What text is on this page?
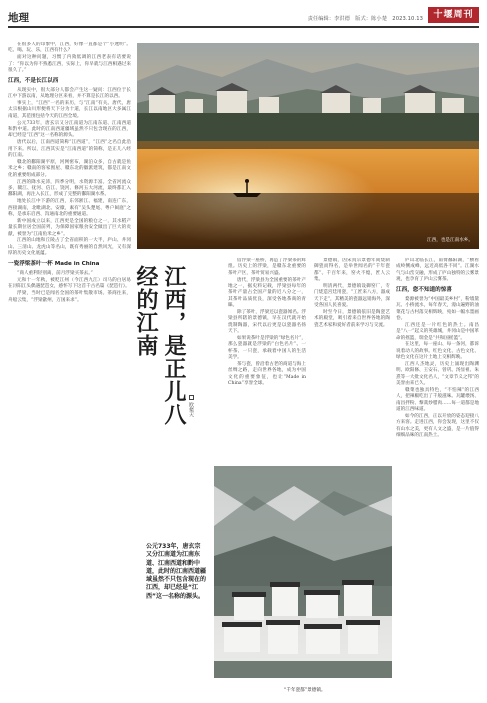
地理	责任编辑：李洪德　版式：陈小楚　2023.10.13	十堰周刊

在很多人的印象中，江西，好像一直都是个“小透明”。吃、喝、玩、乐，江西有什么？

面对这种问题，习惯了内敛低调的江西老表有话要说了：“你以为你不熟悉江西，实际上，你早就与江西相遇过来很久了。”

江西，不是长江以西

从现实中，很大部分人都会产生这一疑问：江西位于长江中下游以南，从地理分区来看，并不算是长江的以西。

事实上，“江西”一名的来历，与“江南”有关。唐代，唐太宗根据山川形便将天下分为十道，长江以南地区大多属江南道，其范围包括今天的江西全境。

公元733年，唐玄宗又分江南道为江南东道、江南西道和黔中道。此时的江南西道疆域虽然不只包含现在的江西，却已经是“江西”这一名称的源头。

唐代以后，江南西道简称“江西道”，“江西”之名自此沿用下来。所以，江西其实是“江南西道”的简称，是正儿八经的江南。

赣北的鄱阳湖平原，河网密布，湖泊众多，自古就是鱼米之乡；赣南的客家围屋、赣东北的徽派建筑，都是江南文化的重要组成部分。

江西的降水充沛，四季分明，水资源丰富。全省河流众多，赣江、抚河、信江、饶河、修河五大河流，最终都汇入鄱阳湖，再注入长江，形成了完整的鄱阳湖水系。

地处长江中下游的江西，东邻浙江、福建，南连广东，西接湖南，北毗湖北、安徽，素有“吴头楚尾、粤户闽庭”之称，是承东启西、沟通南北的重要通道。

新中国成立以来，江西更是全国的粮仓之一，其水稻产量长期位居全国前列，为保障国家粮食安全做出了巨大的贡献，被誉为“江南鱼米之乡”。

江西的山地和丘陵占了全省面积的一大半，庐山、井冈山、三清山、龙虎山等名山，既有秀丽的自然风光，又有深厚的历史文化底蕴。

一瓷浮梁茶叶一杯 Made in China

“商人重利轻别离，前月浮梁买茶去。”

元和十一年秋，被贬江州（今江西九江）司马的白居易在浔阳江头偶遇琵琶女，感怀写下这首千古名篇《琵琶行》。

浮梁，当时已是闻名全国的茶叶集散市场。茶商往来，舟船云集，“浮梁歙州，万国来求”。

江西，也是江南水乡。
江西，是正儿八经的江南
欧粲天
公元733年，唐玄宗又分江南道为江南东道、江南西道和黔中道，此时的江南西道疆域虽然不只包含现在的江西，却已经是“江西”这一名称的源头。

借浮梁一座桥，再造了浮梁茶的辉煌。历史上的浮梁，是赣东北重要的茶叶产区，茶叶贸易兴盛。

唐代，浮梁县为全国重要的茶叶产地之一，据史料记载，浮梁县每年的茶叶产量占全国产量的近八分之一，其茶叶品质优良，深受各地茶商的青睐。

除了茶叶，浮梁还以瓷器闻名。浮梁县所辖的景德镇，早在汉代就开始烧制陶器，宋代以后更是以瓷器名扬天下。

如果说茶叶是浮梁的“绿色名片”，那么瓷器就是浮梁的“白色名片”。一杯茶、一只瓷，承载着中国人的生活美学。

茶与瓷，曾沿着古老的商道与海上丝绸之路，走向世界各地，成为中国文化的重要象征，也让“Made in China”享誉全球。

景德镇，因宋真宗景德年间烧制御瓷而得名，是举世闻名的“千年瓷都”。千百年来，窑火不熄，匠人云集。

明清两代，景德镇设御窑厂，专门烧造宫廷用瓷，“工匠来八方，器成天下走”，其精美的瓷器远销海外，深受各国人民喜爱。

时至今日，景德镇依旧是陶瓷艺术的殿堂，吸引着来自世界各地的陶瓷艺术家和爱好者前来学习与交流。

庐山北临长江，南倚鄱阳湖，“横看成岭侧成峰，远近高低各不同”。江湖水气与山峦交融，形成了庐山独特的云雾景观，也孕育了庐山云雾茶。

江西，您不知道的惊喜

婺源被誉为“中国最美乡村”，粉墙黛瓦、小桥流水，每年春天，漫山遍野的油菜花与古村落交相辉映，宛如一幅水墨画卷。

江西还是一片红色的热土。南昌是“八一”起义的英雄城，井冈山是中国革命的摇篮，瑞金是“共和国摇篮”。

在这里，每一座山、每一条河，都诉说着动人的故事。红色文化、古色文化、绿色文化在这片土地上交相辉映。

江西人杰地灵，历史上涌现出陶渊明、欧阳修、王安石、曾巩、汤显祖、朱熹等一大批文化名人，“文章节义之邦”的美誉由来已久。

赣菜也独具特色，“不怕辣”的江西人，把辣椒吃出了千般滋味。瓦罐煨汤、南昌拌粉、藜蒿炒腊肉……每一道都是地道的江西味道。

如今的江西，正以开放的姿态迎接八方来客。走进江西，你会发现，这里不仅有山水之美，更有人文之盛，是一片值得细细品味的江南热土。

“千年瓷都”景德镇。
